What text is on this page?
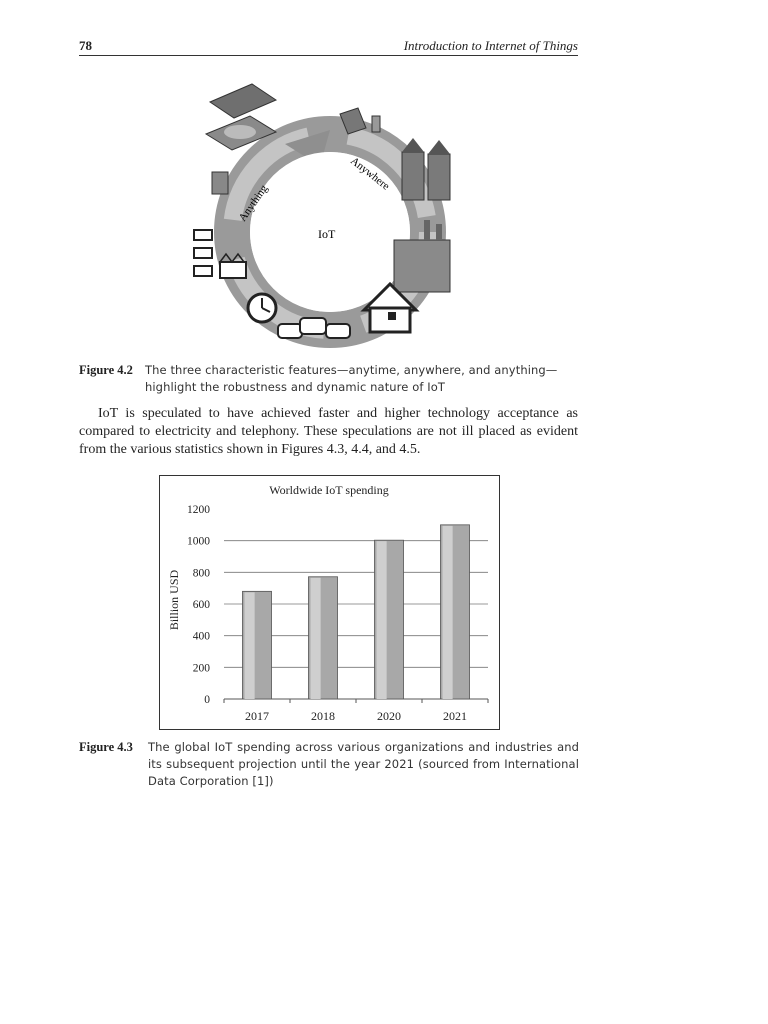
78	Introduction to Internet of Things
IoT
Anything
Anywhere
Figure 4.2	The three characteristic features—anytime, anywhere, and anything—highlight the robustness and dynamic nature of IoT
IoT is speculated to have achieved faster and higher technology acceptance as compared to electricity and telephony. These speculations are not ill placed as evident from the various statistics shown in Figures 4.3, 4.4, and 4.5.
Worldwide IoT spending
Billion USD
0
200
400
600
800
1000
1200
2017	2018	2020	2021
Figure 4.3	The global IoT spending across various organizations and industries and its subsequent projection until the year 2021 (sourced from International Data Corporation [1])
